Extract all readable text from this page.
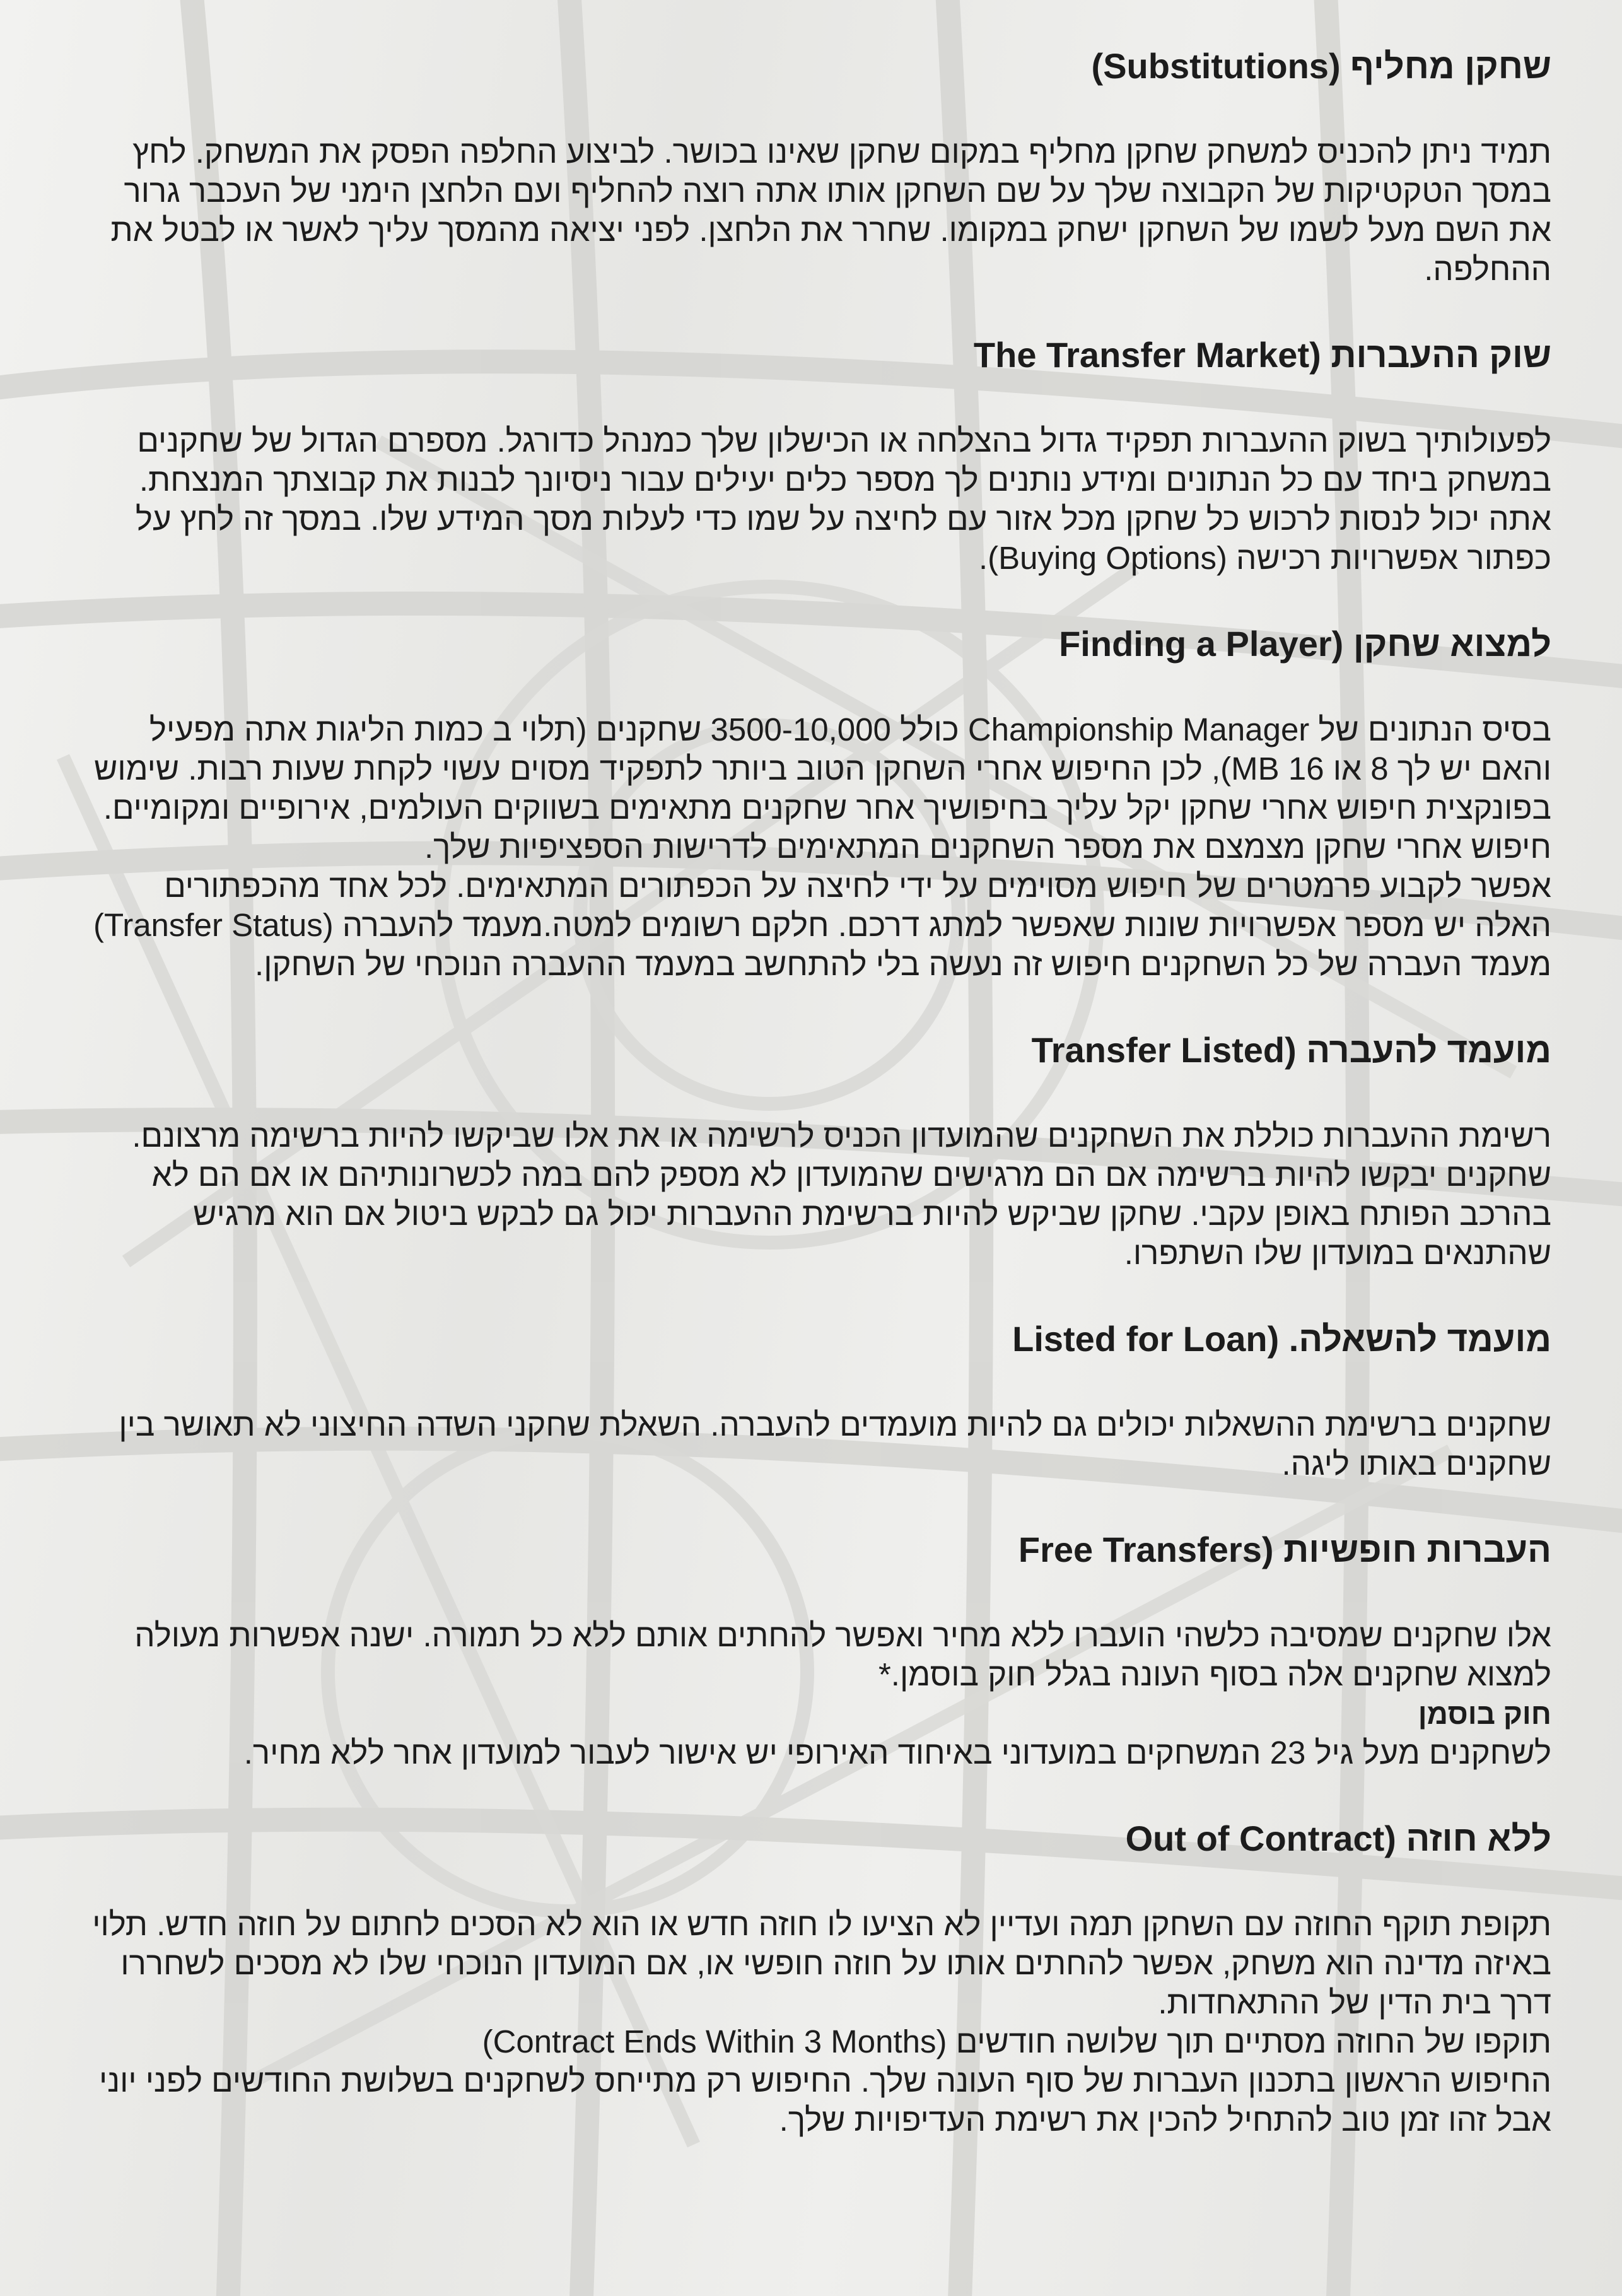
שחקן מחליף (Substitutions)

תמיד ניתן להכניס למשחק שחקן מחליף במקום שחקן שאינו בכושר. לביצוע החלפה הפסק את המשחק. לחץ במסך הטקטיקות של הקבוצה שלך על שם השחקן אותו אתה רוצה להחליף ועם הלחצן הימני של העכבר גרור את השם מעל לשמו של השחקן ישחק במקומו. שחרר את הלחצן. לפני יציאה מהמסך עליך לאשר או לבטל את ההחלפה.

שוק ההעברות (The Transfer Market

לפעולותיך בשוק ההעברות תפקיד גדול בהצלחה או הכישלון שלך כמנהל כדורגל. מספרם הגדול של שחקנים במשחק ביחד עם כל הנתונים ומידע נותנים לך מספר כלים יעילים עבור ניסיונך לבנות את קבוצתך המנצחת. אתה יכול לנסות לרכוש כל שחקן מכל אזור עם לחיצה על שמו כדי לעלות מסך המידע שלו. במסך זה לחץ על כפתור אפשרויות רכישה (Buying Options).

למצוא שחקן (Finding a Player

בסיס הנתונים של Championship Manager כולל 3500-10,000 שחקנים (תלוי ב כמות הליגות אתה מפעיל והאם יש לך 8 או 16 MB), לכן החיפוש אחרי השחקן הטוב ביותר לתפקיד מסוים עשוי לקחת שעות רבות. שימוש בפונקצית חיפוש אחרי שחקן יקל עליך בחיפושיך אחר שחקנים מתאימים בשווקים העולמים, אירופיים ומקומיים. חיפוש אחרי שחקן מצמצם את מספר השחקנים המתאימים לדרישות הספציפיות שלך.

אפשר לקבוע פרמטרים של חיפוש מסוימים על ידי לחיצה על הכפתורים המתאימים. לכל אחד מהכפתורים האלה יש מספר אפשרויות שונות שאפשר למתג דרכם. חלקם רשומים למטה.מעמד להעברה (Transfer Status)

מעמד העברה של כל השחקנים חיפוש זה נעשה בלי להתחשב במעמד ההעברה הנוכחי של השחקן.

מועמד להעברה (Transfer Listed

רשימת ההעברות כוללת את השחקנים שהמועדון הכניס לרשימה או את אלו שביקשו להיות ברשימה מרצונם. שחקנים יבקשו להיות ברשימה אם הם מרגישים שהמועדון לא מספק להם במה לכשרונותיהם או אם הם לא בהרכב הפותח באופן עקבי. שחקן שביקש להיות ברשימת ההעברות יכול גם לבקש ביטול אם הוא מרגיש שהתנאים במועדון שלו השתפרו.

מועמד להשאלה. (Listed for Loan

שחקנים ברשימת ההשאלות יכולים גם להיות מועמדים להעברה. השאלת שחקני השדה החיצוני לא תאושר בין שחקנים באותו ליגה.

העברות חופשיות (Free Transfers

אלו שחקנים שמסיבה כלשהי הועברו ללא מחיר ואפשר להחתים אותם ללא כל תמורה. ישנה אפשרות מעולה למצוא שחקנים אלה בסוף העונה בגלל חוק בוסמן.*

חוק בוסמן

לשחקנים מעל גיל 23 המשחקים במועדוני באיחוד האירופי יש אישור לעבור למועדון אחר ללא מחיר.

ללא חוזה (Out of Contract

תקופת תוקף החוזה עם השחקן תמה ועדיין לא הציעו לו חוזה חדש או הוא לא הסכים לחתום על חוזה חדש. תלוי באיזה מדינה הוא משחק, אפשר להחתים אותו על חוזה חופשי או, אם המועדון הנוכחי שלו לא מסכים לשחררו דרך בית הדין של ההתאחדות.

תוקפו של החוזה מסתיים תוך שלושה חודשים (Contract Ends Within 3 Months)

החיפוש הראשון בתכנון העברות של סוף העונה שלך. החיפוש רק מתייחס לשחקנים בשלושת החודשים לפני יוני אבל זהו זמן טוב להתחיל להכין את רשימת העדיפויות שלך.
